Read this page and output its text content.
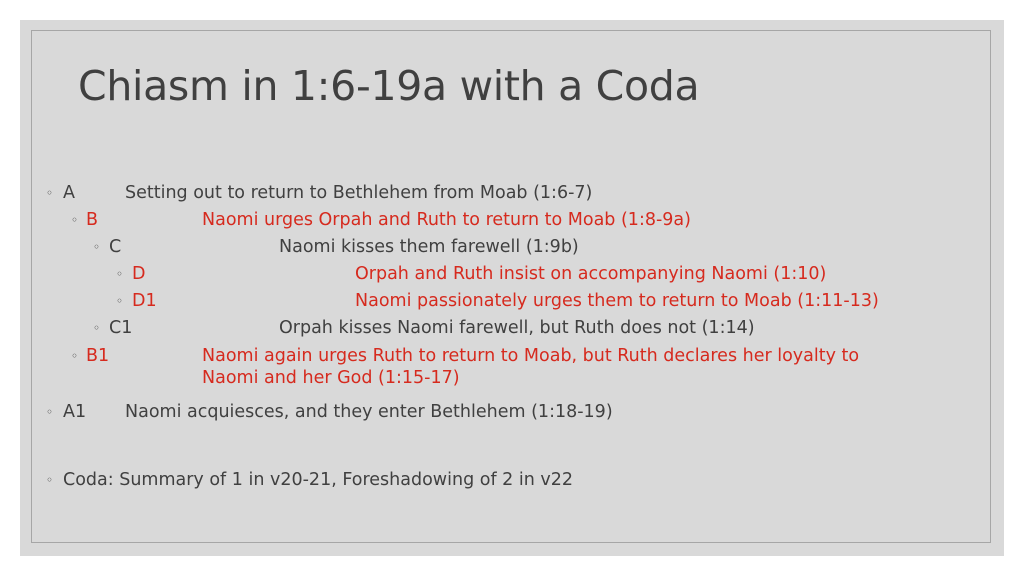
Chiasm in 1:6-19a with a Coda
◦ A	Setting out to return to Bethlehem from Moab (1:6-7)
◦ B	Naomi urges Orpah and Ruth to return to Moab (1:8-9a)
◦ C	Naomi kisses them farewell (1:9b)
◦ D	Orpah and Ruth insist on accompanying Naomi (1:10)
◦ D1	Naomi passionately urges them to return to Moab (1:11-13)
◦ C1	Orpah kisses Naomi farewell, but Ruth does not (1:14)
◦ B1	Naomi again urges Ruth to return to Moab, but Ruth declares her loyalty to
Naomi and her God (1:15-17)
◦ A1 Naomi acquiesces, and they enter Bethlehem (1:18-19)
◦ Coda: Summary of 1 in v20-21, Foreshadowing of 2 in v22
